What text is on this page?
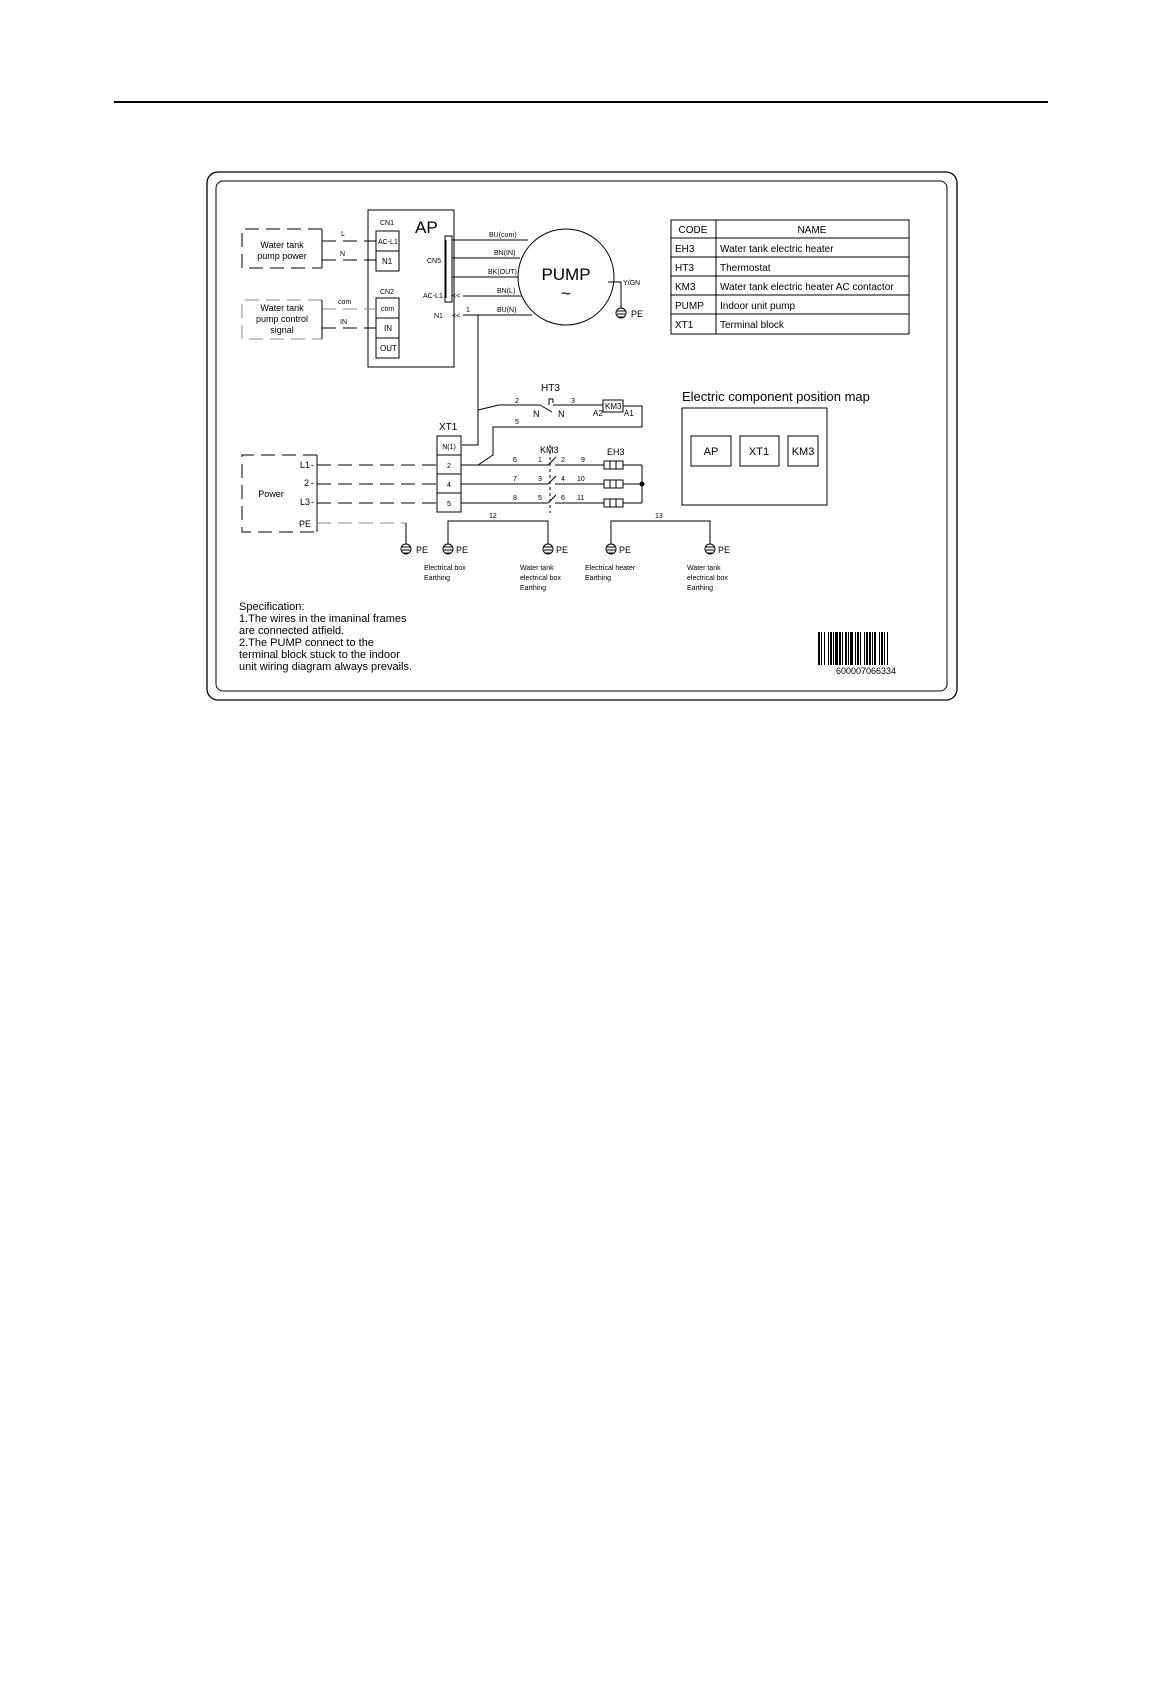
AP
CN1
AC-L1
N1
CN2
com
IN
OUT
CN5
AC-L1
N1
<<
<<
Water tank
pump power
L
N
Water tank
pump control
signal
com
IN
PUMP
~
BU(com)
BN(IN)
BK(OUT)
BN(L)
BU(N)
Y/GN
PE
1
XT1
N(1)
2
4
5
Power
L1
2
L3
PE
-
-
-
HT3
N N
2	3
KM3
A2	A1
5
KM3
6	1	2 9
7	3	4 10
8	5	6 11
EH3
12	13
PE	PE
Electrical box
Earthing
PE
Water tank
electrical box
Earthing
PE
Electrical heater
Earthing
PE
Water tank
electrical box
Earthing
CODE	NAME
EH3	Water tank electric heater
HT3	Thermostat
KM3 Water tank electric heater AC contactor
PUMP Indoor unit pump
XT1	Terminal block
Electric component position map
AP	XT1 KM3
Specification:
1.The wires in the imaninal frames
are connected atfield.
2.The PUMP connect to the
terminal block stuck to the indoor
unit wiring diagram always prevails.	600007066334
